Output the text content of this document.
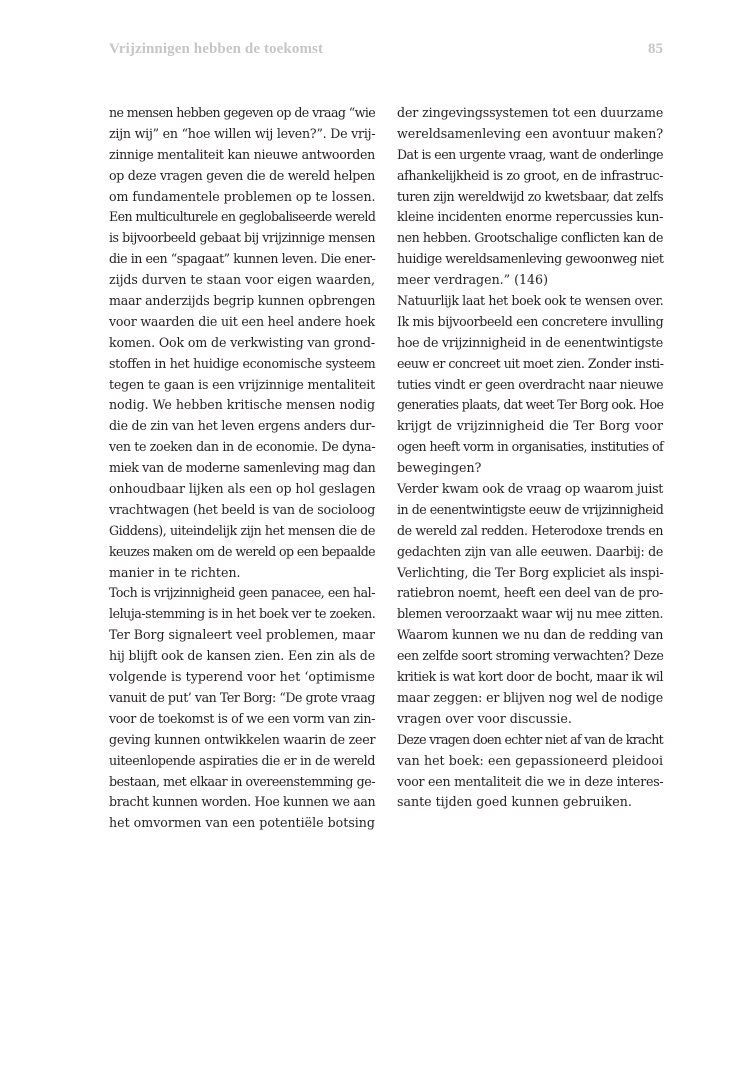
Vrijzinnigen hebben de toekomst	85
ne mensen hebben gegeven op de vraag “wie
zijn wij” en “hoe willen wij leven?”. De vrij-
zinnige mentaliteit kan nieuwe antwoorden
op deze vragen geven die de wereld helpen
om fundamentele problemen op te lossen.
Een multiculturele en geglobaliseerde wereld
is bijvoorbeeld gebaat bij vrijzinnige mensen
die in een “spagaat” kunnen leven. Die ener-
zijds durven te staan voor eigen waarden,
maar anderzijds begrip kunnen opbrengen
voor waarden die uit een heel andere hoek
komen. Ook om de verkwisting van grond-
stoffen in het huidige economische systeem
tegen te gaan is een vrijzinnige mentaliteit
nodig. We hebben kritische mensen nodig
die de zin van het leven ergens anders dur-
ven te zoeken dan in de economie. De dyna-
miek van de moderne samenleving mag dan
onhoudbaar lijken als een op hol geslagen
vrachtwagen (het beeld is van de socioloog
Giddens), uiteindelijk zijn het mensen die de
keuzes maken om de wereld op een bepaalde
manier in te richten.
Toch is vrijzinnigheid geen panacee, een hal-
leluja-stemming is in het boek ver te zoeken.
Ter Borg signaleert veel problemen, maar
hij blijft ook de kansen zien. Een zin als de
volgende is typerend voor het ‘optimisme
vanuit de put’ van Ter Borg: “De grote vraag
voor de toekomst is of we een vorm van zin-
geving kunnen ontwikkelen waarin de zeer
uiteenlopende aspiraties die er in de wereld
bestaan, met elkaar in overeenstemming ge-
bracht kunnen worden. Hoe kunnen we aan
het omvormen van een potentiële botsing
der zingevingssystemen tot een duurzame
wereldsamenleving een avontuur maken?
Dat is een urgente vraag, want de onderlinge
afhankelijkheid is zo groot, en de infrastruc-
turen zijn wereldwijd zo kwetsbaar, dat zelfs
kleine incidenten enorme repercussies kun-
nen hebben. Grootschalige conflicten kan de
huidige wereldsamenleving gewoonweg niet
meer verdragen.” (146)
Natuurlijk laat het boek ook te wensen over.
Ik mis bijvoorbeeld een concretere invulling
hoe de vrijzinnigheid in de eenentwintigste
eeuw er concreet uit moet zien. Zonder insti-
tuties vindt er geen overdracht naar nieuwe
generaties plaats, dat weet Ter Borg ook. Hoe
krijgt de vrijzinnigheid die Ter Borg voor
ogen heeft vorm in organisaties, instituties of
bewegingen?
Verder kwam ook de vraag op waarom juist
in de eenentwintigste eeuw de vrijzinnigheid
de wereld zal redden. Heterodoxe trends en
gedachten zijn van alle eeuwen. Daarbij: de
Verlichting, die Ter Borg expliciet als inspi-
ratiebron noemt, heeft een deel van de pro-
blemen veroorzaakt waar wij nu mee zitten.
Waarom kunnen we nu dan de redding van
een zelfde soort stroming verwachten? Deze
kritiek is wat kort door de bocht, maar ik wil
maar zeggen: er blijven nog wel de nodige
vragen over voor discussie.
Deze vragen doen echter niet af van de kracht
van het boek: een gepassioneerd pleidooi
voor een mentaliteit die we in deze interes-
sante tijden goed kunnen gebruiken.
